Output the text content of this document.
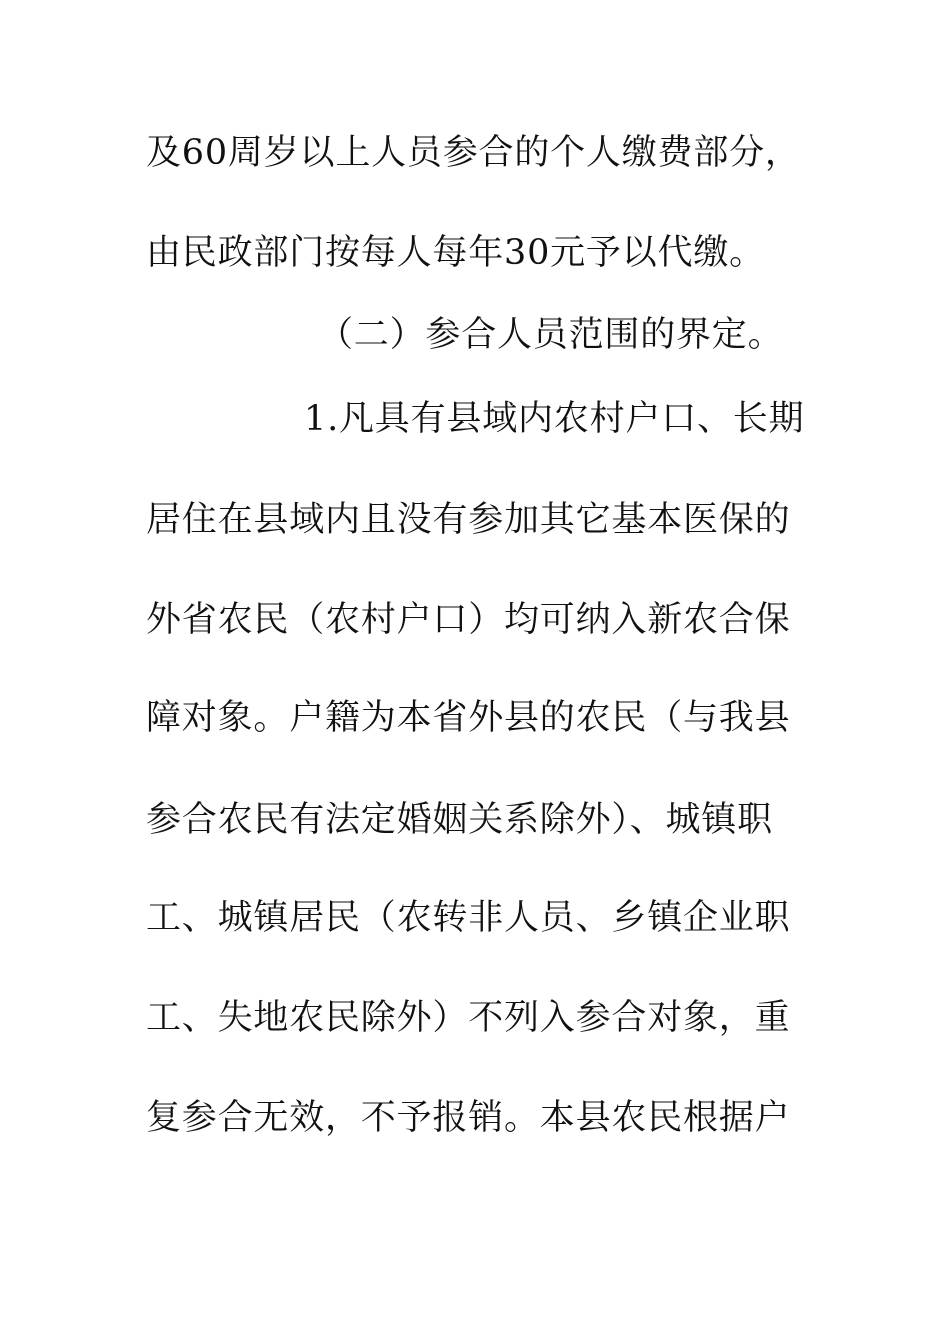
及60周岁以上人员参合的个人缴费部分，
由民政部门按每人每年30元予以代缴。
（二）参合人员范围的界定。
1.凡具有县域内农村户口、长期
居住在县域内且没有参加其它基本医保的
外省农民（农村户口）均可纳入新农合保
障对象。户籍为本省外县的农民（与我县
参合农民有法定婚姻关系除外）、城镇职
工、城镇居民（农转非人员、乡镇企业职
工、失地农民除外）不列入参合对象，重
复参合无效，不予报销。本县农民根据户
